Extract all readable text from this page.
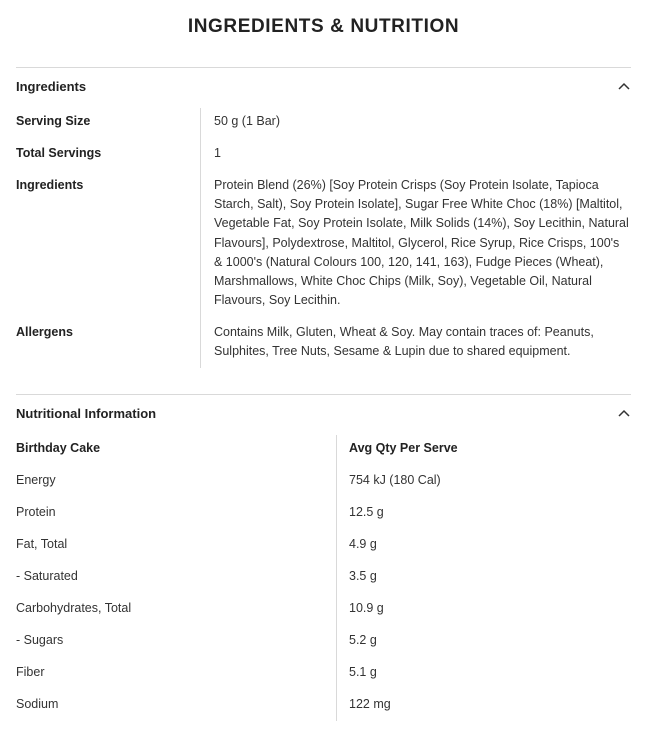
INGREDIENTS & NUTRITION
Ingredients
Serving Size	50 g (1 Bar)
Total Servings	1
Ingredients	Protein Blend (26%) [Soy Protein Crisps (Soy Protein Isolate, Tapioca Starch, Salt), Soy Protein Isolate], Sugar Free White Choc (18%) [Maltitol, Vegetable Fat, Soy Protein Isolate, Milk Solids (14%), Soy Lecithin, Natural Flavours], Polydextrose, Maltitol, Glycerol, Rice Syrup, Rice Crisps, 100's & 1000's (Natural Colours 100, 120, 141, 163), Fudge Pieces (Wheat), Marshmallows, White Choc Chips (Milk, Soy), Vegetable Oil, Natural Flavours, Soy Lecithin.
Allergens	Contains Milk, Gluten, Wheat & Soy. May contain traces of: Peanuts, Sulphites, Tree Nuts, Sesame & Lupin due to shared equipment.
Nutritional Information
Birthday Cake	Avg Qty Per Serve
Energy	754 kJ (180 Cal)
Protein	12.5 g
Fat, Total	4.9 g
- Saturated	3.5 g
Carbohydrates, Total	10.9 g
- Sugars	5.2 g
Fiber	5.1 g
Sodium	122 mg
